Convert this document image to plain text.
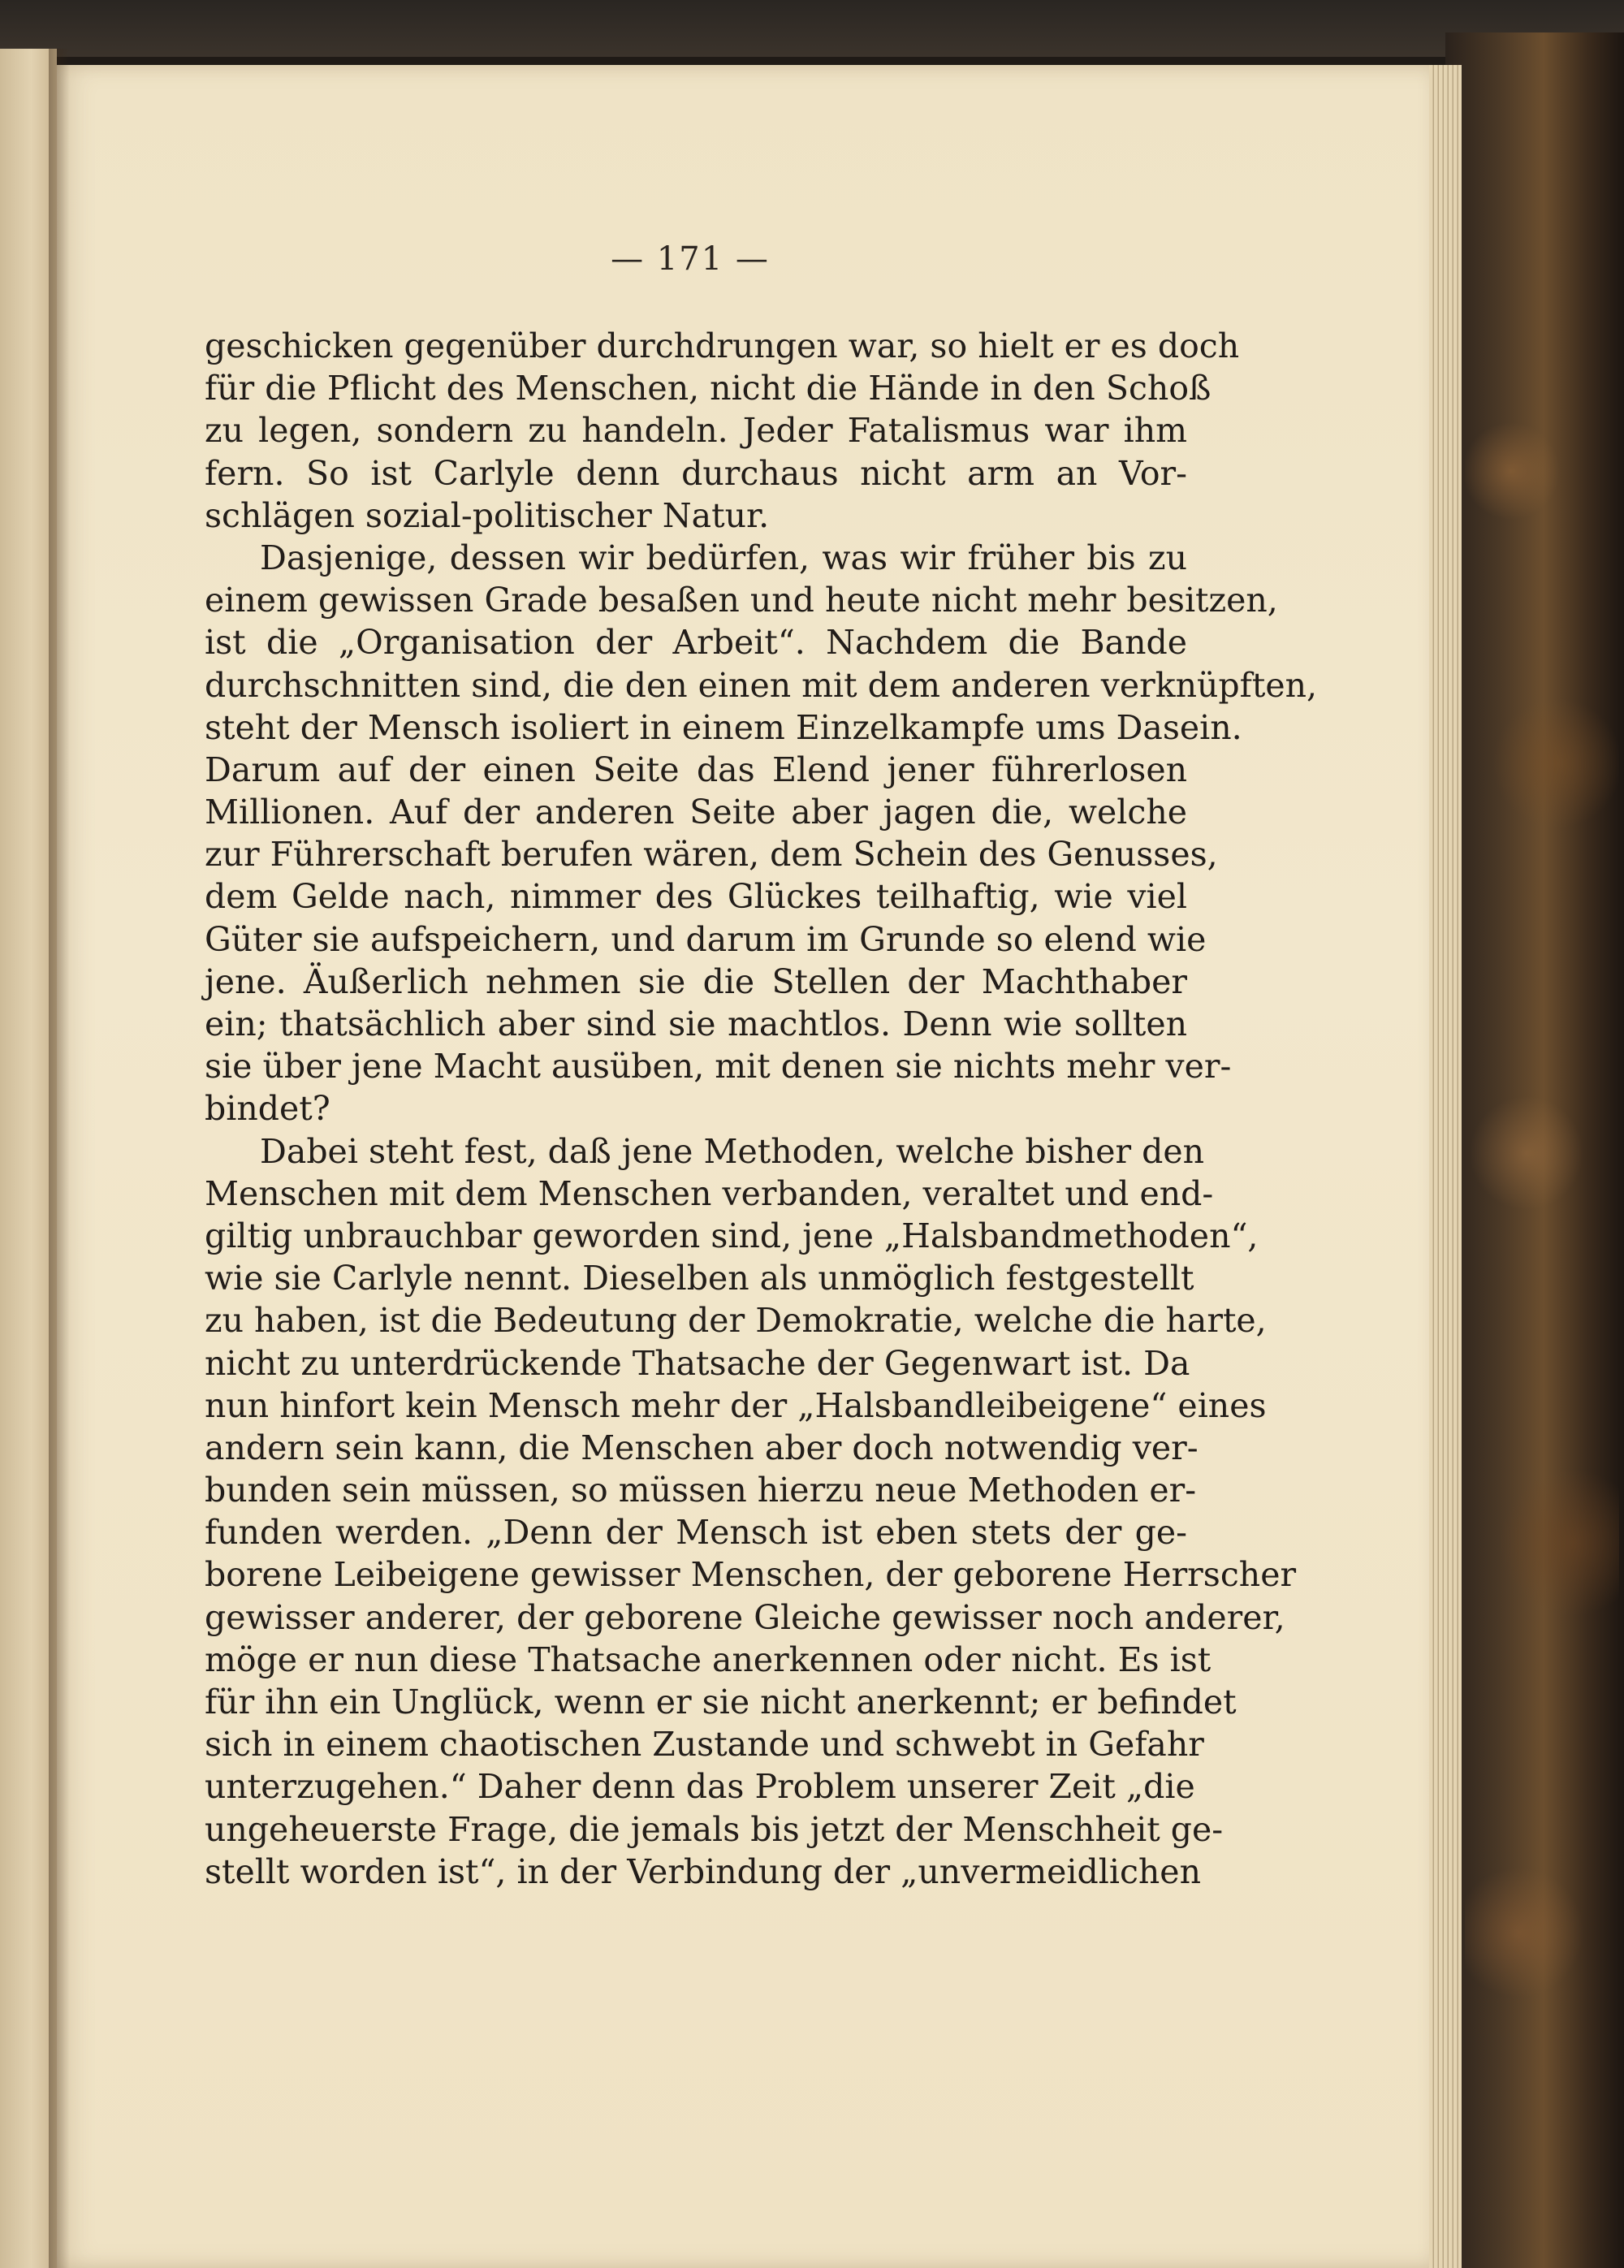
— 171 —
geschicken gegenüber durchdrungen war, so hielt er es doch
für die Pflicht des Menschen, nicht die Hände in den Schoß
zu legen, sondern zu handeln. Jeder Fatalismus war ihm
fern. So ist Carlyle denn durchaus nicht arm an Vor-
schlägen sozial-politischer Natur.
Dasjenige, dessen wir bedürfen, was wir früher bis zu
einem gewissen Grade besaßen und heute nicht mehr besitzen,
ist die „Organisation der Arbeit“. Nachdem die Bande
durchschnitten sind, die den einen mit dem anderen verknüpften,
steht der Mensch isoliert in einem Einzelkampfe ums Dasein.
Darum auf der einen Seite das Elend jener führerlosen
Millionen. Auf der anderen Seite aber jagen die, welche
zur Führerschaft berufen wären, dem Schein des Genusses,
dem Gelde nach, nimmer des Glückes teilhaftig, wie viel
Güter sie aufspeichern, und darum im Grunde so elend wie
jene. Äußerlich nehmen sie die Stellen der Machthaber
ein; thatsächlich aber sind sie machtlos. Denn wie sollten
sie über jene Macht ausüben, mit denen sie nichts mehr ver-
bindet?
Dabei steht fest, daß jene Methoden, welche bisher den
Menschen mit dem Menschen verbanden, veraltet und end-
giltig unbrauchbar geworden sind, jene „Halsbandmethoden“,
wie sie Carlyle nennt. Dieselben als unmöglich festgestellt
zu haben, ist die Bedeutung der Demokratie, welche die harte,
nicht zu unterdrückende Thatsache der Gegenwart ist. Da
nun hinfort kein Mensch mehr der „Halsbandleibeigene“ eines
andern sein kann, die Menschen aber doch notwendig ver-
bunden sein müssen, so müssen hierzu neue Methoden er-
funden werden. „Denn der Mensch ist eben stets der ge-
borene Leibeigene gewisser Menschen, der geborene Herrscher
gewisser anderer, der geborene Gleiche gewisser noch anderer,
möge er nun diese Thatsache anerkennen oder nicht. Es ist
für ihn ein Unglück, wenn er sie nicht anerkennt; er befindet
sich in einem chaotischen Zustande und schwebt in Gefahr
unterzugehen.“ Daher denn das Problem unserer Zeit „die
ungeheuerste Frage, die jemals bis jetzt der Menschheit ge-
stellt worden ist“, in der Verbindung der „unvermeidlichen
